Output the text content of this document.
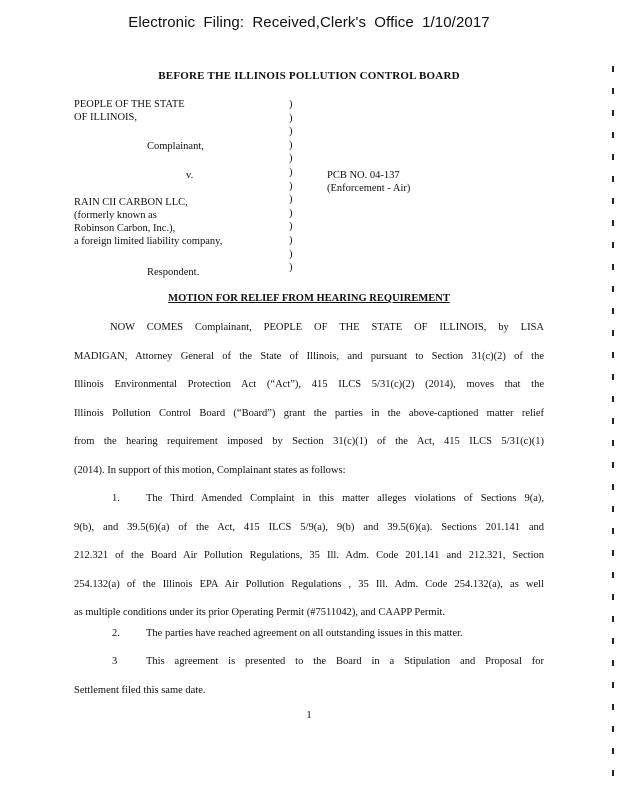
Electronic Filing: Received,Clerk's Office 1/10/2017
BEFORE THE ILLINOIS POLLUTION CONTROL BOARD
PEOPLE OF THE STATE
OF ILLINOIS,
Complainant,
v.
RAIN CII CARBON LLC,
(formerly known as
Robinson Carbon, Inc.),
a foreign limited liability company,
Respondent.
)
)
)
)
)
)
)
)
)
)
)
)
)
PCB NO. 04-137
(Enforcement - Air)
MOTION FOR RELIEF FROM HEARING REQUIREMENT
NOW COMES Complainant, PEOPLE OF THE STATE OF ILLINOIS, by LISA
MADIGAN, Attorney General of the State of Illinois, and pursuant to Section 31(c)(2) of the
Illinois Environmental Protection Act (“Act”), 415 ILCS 5/31(c)(2) (2014), moves that the
Illinois Pollution Control Board (“Board”) grant the parties in the above-captioned matter relief
from the hearing requirement imposed by Section 31(c)(1) of the Act, 415 ILCS 5/31(c)(1)
(2014). In support of this motion, Complainant states as follows:
1. The Third Amended Complaint in this matter alleges violations of Sections 9(a),
9(b), and 39.5(6)(a) of the Act, 415 ILCS 5/9(a), 9(b) and 39.5(6)(a). Sections 201.141 and
212.321 of the Board Air Pollution Regulations, 35 Ill. Adm. Code 201.141 and 212.321, Section
254.132(a) of the Illinois EPA Air Pollution Regulations , 35 Ill. Adm. Code 254.132(a), as well
as multiple conditions under its prior Operating Permit (#7511042), and CAAPP Permit.
2. The parties have reached agreement on all outstanding issues in this matter.
3	This agreement is presented to the Board in a Stipulation and Proposal for
Settlement filed this same date.
1
